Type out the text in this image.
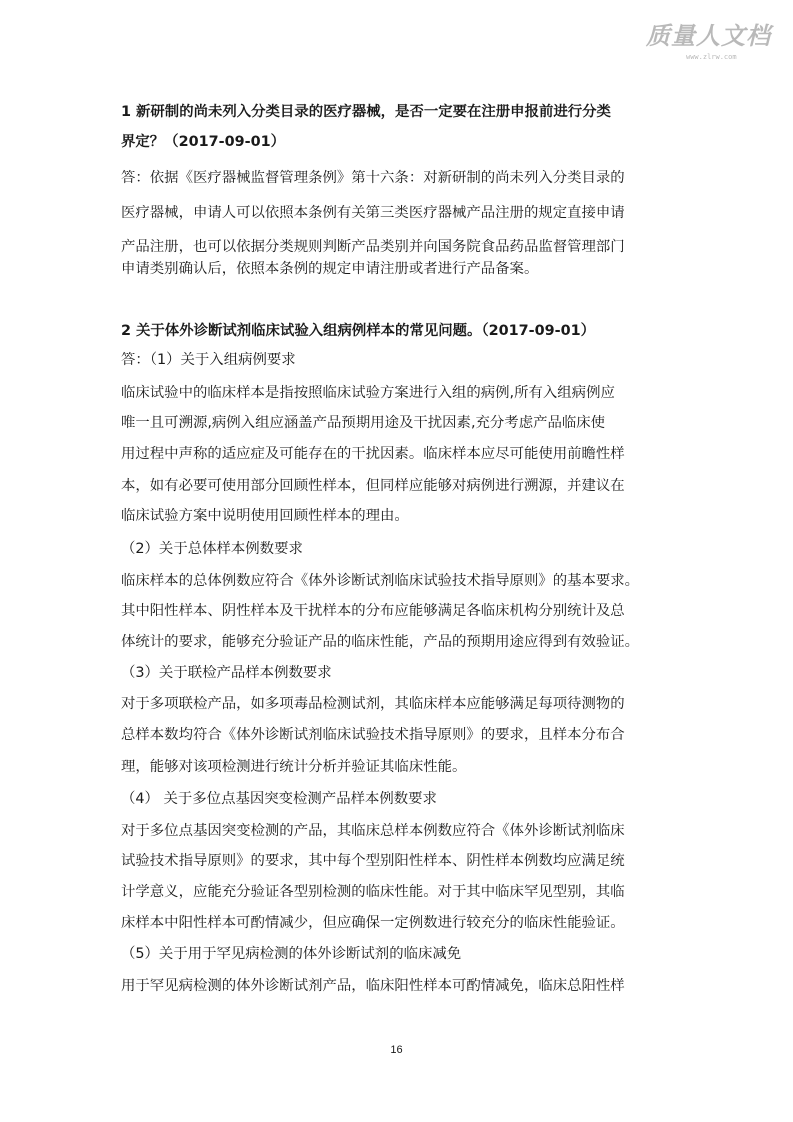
质量人文档
www.zlrw.com
1 新研制的尚未列入分类目录的医疗器械，是否一定要在注册申报前进行分类
界定？（2017-09-01）
答：依据《医疗器械监督管理条例》第十六条：对新研制的尚未列入分类目录的
医疗器械，申请人可以依照本条例有关第三类医疗器械产品注册的规定直接申请
产品注册，也可以依据分类规则判断产品类别并向国务院食品药品监督管理部门
申请类别确认后，依照本条例的规定申请注册或者进行产品备案。
2 关于体外诊断试剂临床试验入组病例样本的常见问题。（2017-09-01）
答：（1）关于入组病例要求
临床试验中的临床样本是指按照临床试验方案进行入组的病例,所有入组病例应
唯一且可溯源,病例入组应涵盖产品预期用途及干扰因素,充分考虑产品临床使
用过程中声称的适应症及可能存在的干扰因素。临床样本应尽可能使用前瞻性样
本，如有必要可使用部分回顾性样本，但同样应能够对病例进行溯源，并建议在
临床试验方案中说明使用回顾性样本的理由。
（2）关于总体样本例数要求
临床样本的总体例数应符合《体外诊断试剂临床试验技术指导原则》的基本要求。
其中阳性样本、阴性样本及干扰样本的分布应能够满足各临床机构分别统计及总
体统计的要求，能够充分验证产品的临床性能，产品的预期用途应得到有效验证。
（3）关于联检产品样本例数要求
对于多项联检产品，如多项毒品检测试剂，其临床样本应能够满足每项待测物的
总样本数均符合《体外诊断试剂临床试验技术指导原则》的要求，且样本分布合
理，能够对该项检测进行统计分析并验证其临床性能。
（4） 关于多位点基因突变检测产品样本例数要求
对于多位点基因突变检测的产品，其临床总样本例数应符合《体外诊断试剂临床
试验技术指导原则》的要求，其中每个型别阳性样本、阴性样本例数均应满足统
计学意义，应能充分验证各型别检测的临床性能。对于其中临床罕见型别，其临
床样本中阳性样本可酌情减少，但应确保一定例数进行较充分的临床性能验证。
（5）关于用于罕见病检测的体外诊断试剂的临床减免
用于罕见病检测的体外诊断试剂产品，临床阳性样本可酌情减免，临床总阳性样
16
